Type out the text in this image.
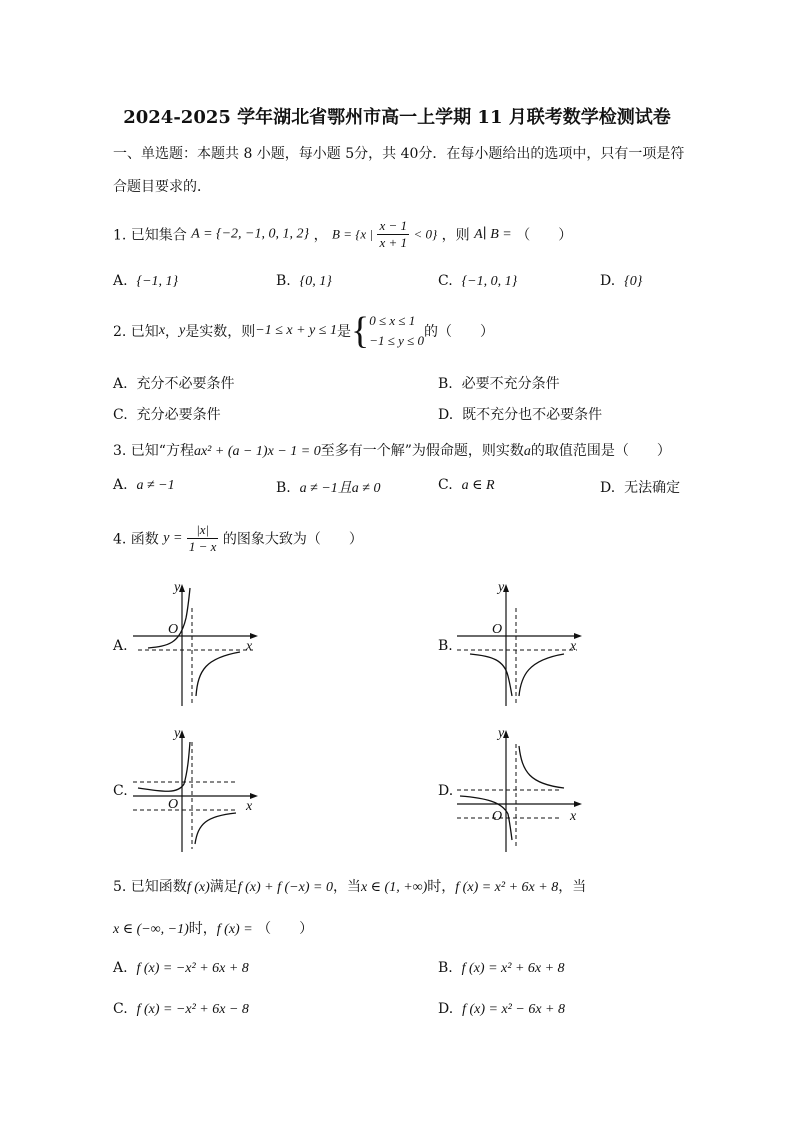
2024-2025 学年湖北省鄂州市高一上学期 11 月联考数学检测试卷
一、单选题：本题共 8 小题，每小题 5分，共 40分．在每小题给出的选项中，只有一项是符
合题目要求的．
1. 已知集合 A = {−2, −1, 0, 1, 2} ， B = {x | $\frac{x - 1}{x + 1} < 0$} ，则 A∣ B = （　　）
A. {−1, 1}	B. {0, 1}	C. {−1, 0, 1}	D. {0}
2. 已知x，y是实数，则−1 ≤ x + y ≤ 1是{ 0 ≤ x ≤ 1
−1 ≤ y ≤ 0
的（　　）
A. 充分不必要条件	B. 必要不充分条件
C. 充分必要条件	D. 既不充分也不必要条件
3. 已知“方程ax² + (a − 1)x − 1 = 0至多有一个解”为假命题，则实数a的取值范围是（　　）
A. a ≠ −1	B. a ≠ −1且a ≠ 0	C. a ∈ R	D. 无法确定
4. 函数 $y = \frac{|x|}{1 - x}$ 的图象大致为（　　）
A.
y
x
O
B.
y
x
O
C.
y
x
O
D.
y
x
O
5. 已知函数f (x)满足f (x) + f (−x) = 0，当x ∈ (1, +∞)时，f (x) = x² + 6x + 8，当
x ∈ (−∞, −1)时，f (x) = （　　）
A. f (x) = −x² + 6x + 8	B. f (x) = x² + 6x + 8
C. f (x) = −x² + 6x − 8	D. f (x) = x² − 6x + 8
